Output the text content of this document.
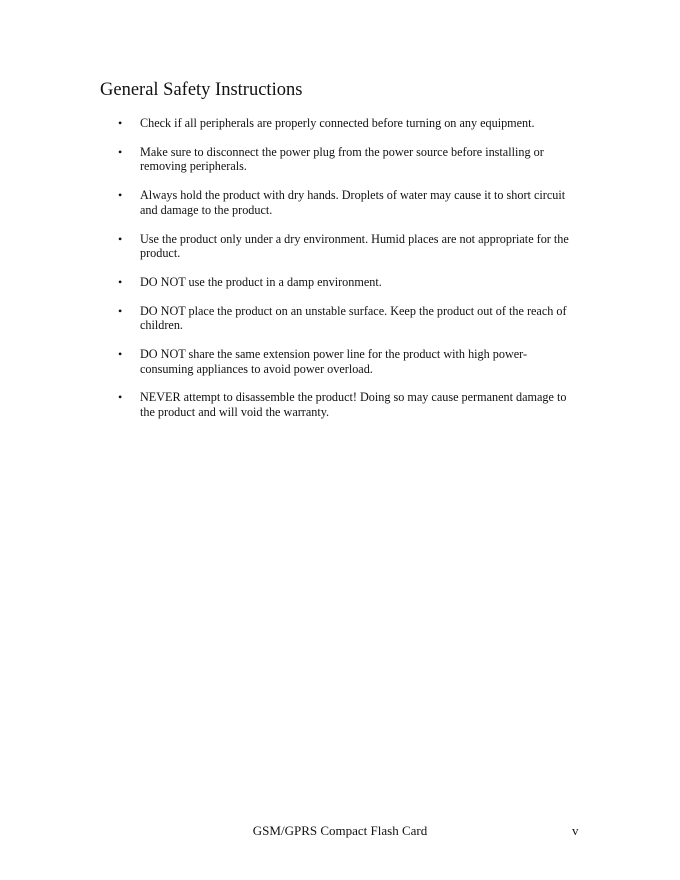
General Safety Instructions
• Check if all peripherals are properly connected before turning on any equipment.
• Make sure to disconnect the power plug from the power source before installing or removing peripherals.
• Always hold the product with dry hands. Droplets of water may cause it to short circuit and damage to the product.
• Use the product only under a dry environment. Humid places are not appropriate for the product.
• DO NOT use the product in a damp environment.
• DO NOT place the product on an unstable surface. Keep the product out of the reach of children.
• DO NOT share the same extension power line for the product with high power-consuming appliances to avoid power overload.
• NEVER attempt to disassemble the product! Doing so may cause permanent damage to the product and will void the warranty.
GSM/GPRS Compact Flash Card	v
